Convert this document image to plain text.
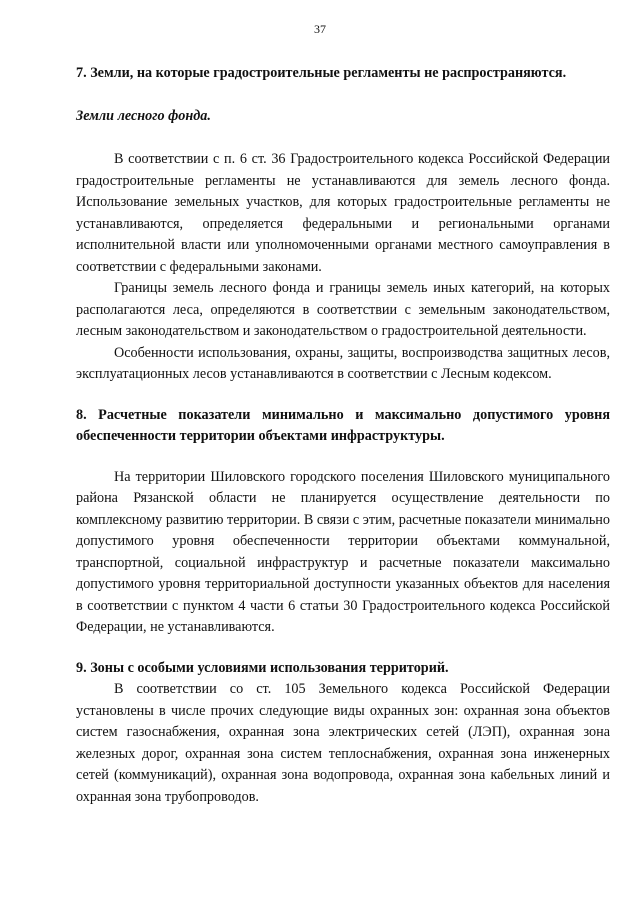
37

7. Земли, на которые градостроительные регламенты не распространяются.

Земли лесного фонда.

В соответствии с п. 6 ст. 36 Градостроительного кодекса Российской Федерации градостроительные регламенты не устанавливаются для земель лесного фонда. Использование земельных участков, для которых градостроительные регламенты не устанавливаются, определяется федеральными и региональными органами исполнительной власти или уполномоченными органами местного самоуправления в соответствии с федеральными законами.

Границы земель лесного фонда и границы земель иных категорий, на которых располагаются леса, определяются в соответствии с земельным законодательством, лесным законодательством и законодательством о градостроительной деятельности.

Особенности использования, охраны, защиты, воспроизводства защитных лесов, эксплуатационных лесов устанавливаются в соответствии с Лесным кодексом.

8. Расчетные показатели минимально и максимально допустимого уровня обеспеченности территории объектами инфраструктуры.

На территории Шиловского городского поселения Шиловского муниципального района Рязанской области не планируется осуществление деятельности по комплексному развитию территории. В связи с этим, расчетные показатели минимально допустимого уровня обеспеченности территории объектами коммунальной, транспортной, социальной инфраструктур и расчетные показатели максимально допустимого уровня территориальной доступности указанных объектов для населения в соответствии с пунктом 4 части 6 статьи 30 Градостроительного кодекса Российской Федерации, не устанавливаются.

9. Зоны с особыми условиями использования территорий.

В соответствии со ст. 105 Земельного кодекса Российской Федерации установлены в числе прочих следующие виды охранных зон: охранная зона объектов систем газоснабжения, охранная зона электрических сетей (ЛЭП), охранная зона железных дорог, охранная зона систем теплоснабжения, охранная зона инженерных сетей (коммуникаций), охранная зона водопровода, охранная зона кабельных линий и охранная зона трубопроводов.
